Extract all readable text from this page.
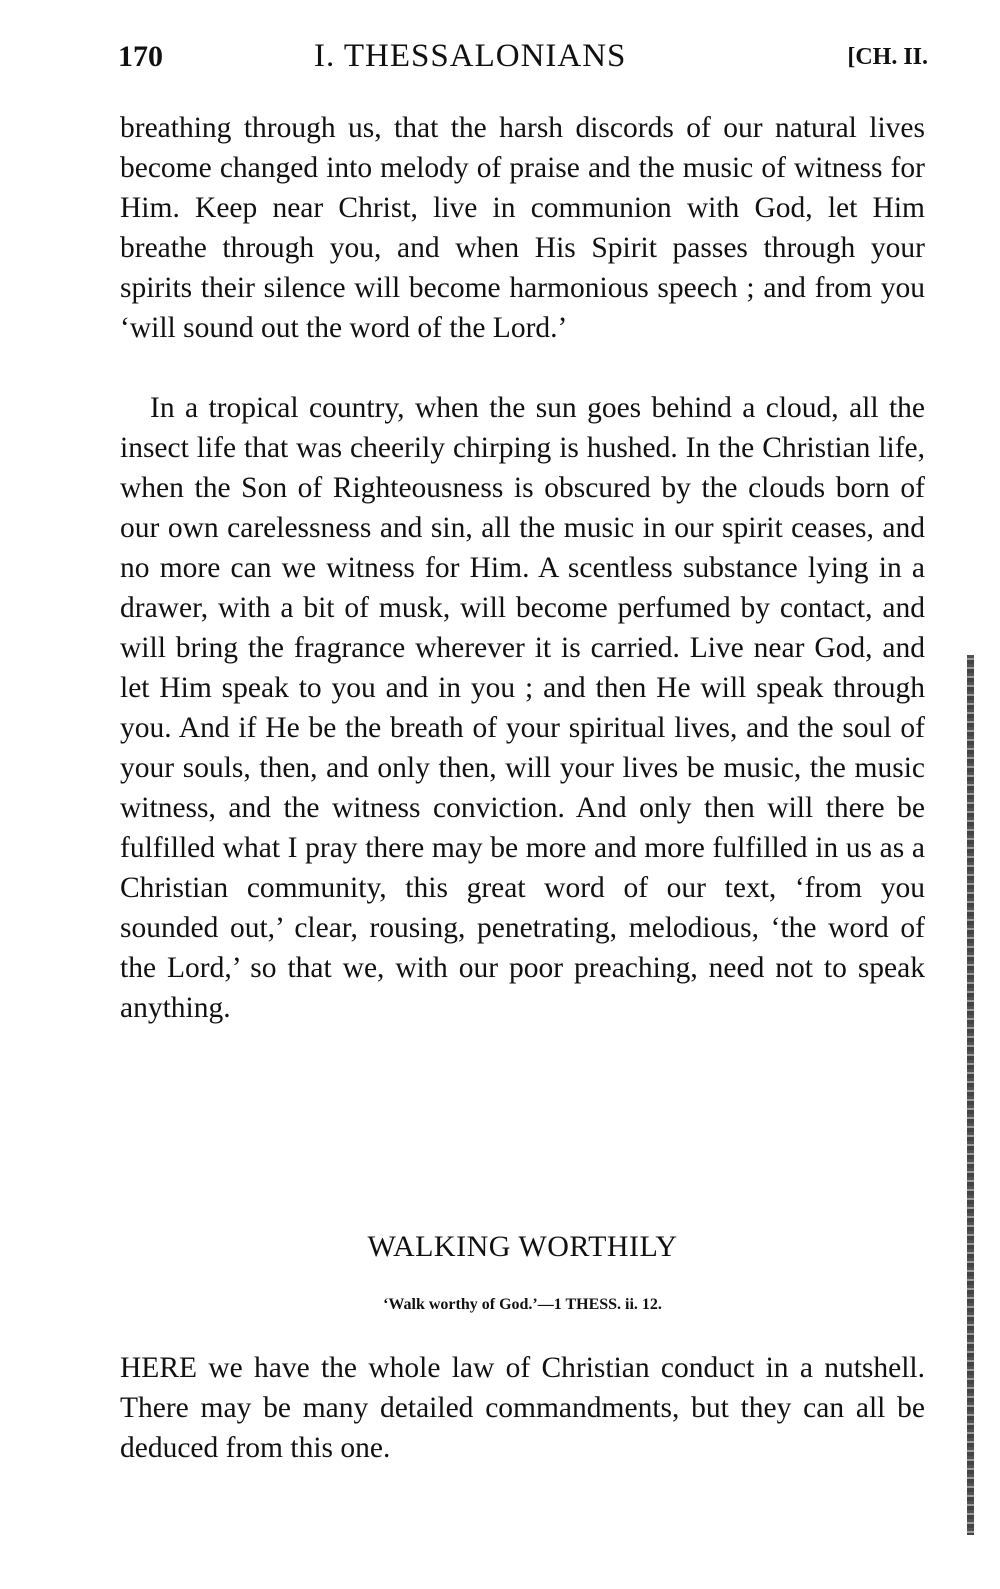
170	I. THESSALONIANS	[CH. II.

breathing through us, that the harsh discords of our natural lives become changed into melody of praise and the music of witness for Him. Keep near Christ, live in communion with God, let Him breathe through you, and when His Spirit passes through your spirits their silence will become harmonious speech ; and from you ‘will sound out the word of the Lord.’

In a tropical country, when the sun goes behind a cloud, all the insect life that was cheerily chirping is hushed. In the Christian life, when the Son of Righteousness is obscured by the clouds born of our own carelessness and sin, all the music in our spirit ceases, and no more can we witness for Him. A scentless substance lying in a drawer, with a bit of musk, will become perfumed by contact, and will bring the fragrance wherever it is carried. Live near God, and let Him speak to you and in you ; and then He will speak through you. And if He be the breath of your spiritual lives, and the soul of your souls, then, and only then, will your lives be music, the music witness, and the witness conviction. And only then will there be fulfilled what I pray there may be more and more fulfilled in us as a Christian community, this great word of our text, ‘from you sounded out,’ clear, rousing, penetrating, melodious, ‘the word of the Lord,’ so that we, with our poor preaching, need not to speak anything.

WALKING WORTHILY
‘Walk worthy of God.’—1 THESS. ii. 12.

HERE we have the whole law of Christian conduct in a nutshell. There may be many detailed commandments, but they can all be deduced from this one.
